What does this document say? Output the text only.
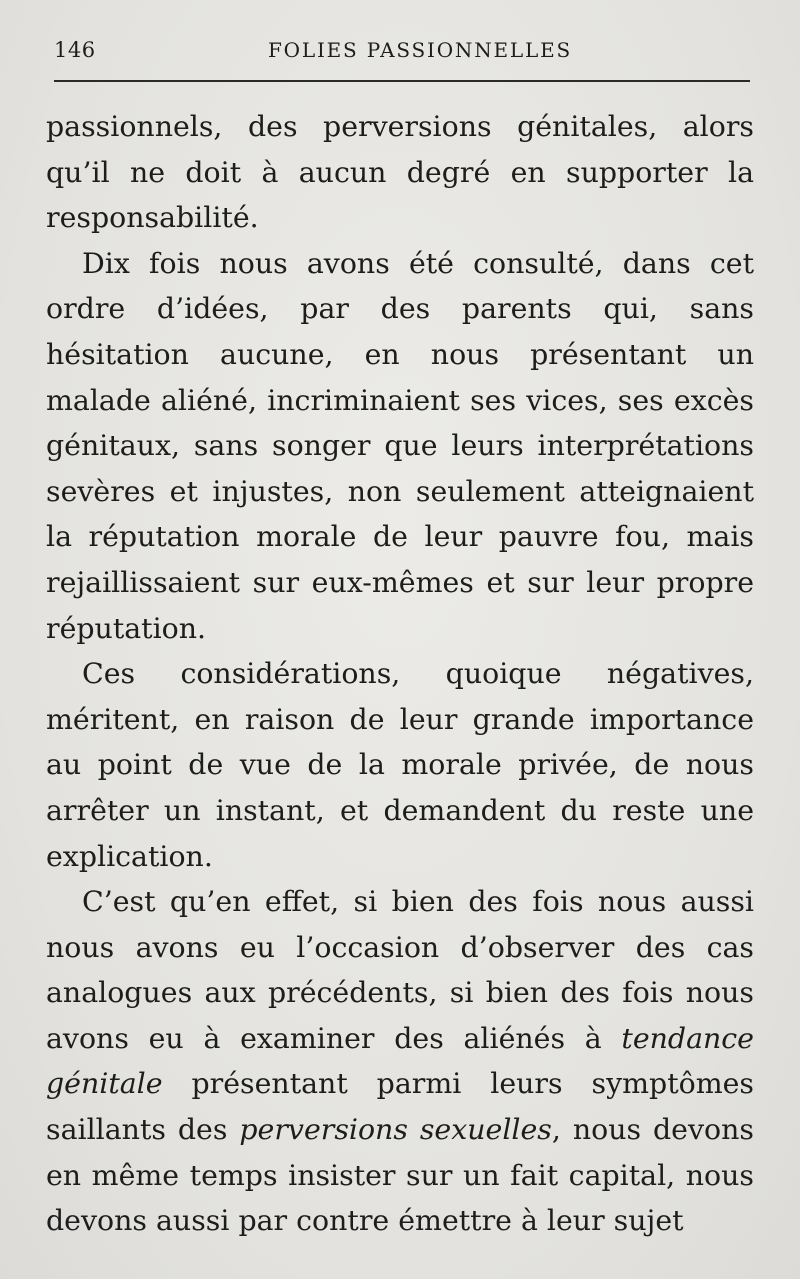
146	FOLIES PASSIONNELLES

passionnels, des perversions génitales, alors qu’il ne doit à aucun degré en supporter la responsabilité.

Dix fois nous avons été consulté, dans cet ordre d’idées, par des parents qui, sans hésitation aucune, en nous présentant un malade aliéné, incriminaient ses vices, ses excès génitaux, sans songer que leurs interprétations sevères et injustes, non seulement atteignaient la réputation morale de leur pauvre fou, mais rejaillissaient sur eux-mêmes et sur leur propre réputation.

Ces considérations, quoique négatives, méritent, en raison de leur grande importance au point de vue de la morale privée, de nous arrêter un instant, et demandent du reste une explication.

C’est qu’en effet, si bien des fois nous aussi nous avons eu l’occasion d’observer des cas analogues aux précédents, si bien des fois nous avons eu à examiner des aliénés à tendance génitale présentant parmi leurs symptômes saillants des perversions sexuelles, nous devons en même temps insister sur un fait capital, nous devons aussi par contre émettre à leur sujet
